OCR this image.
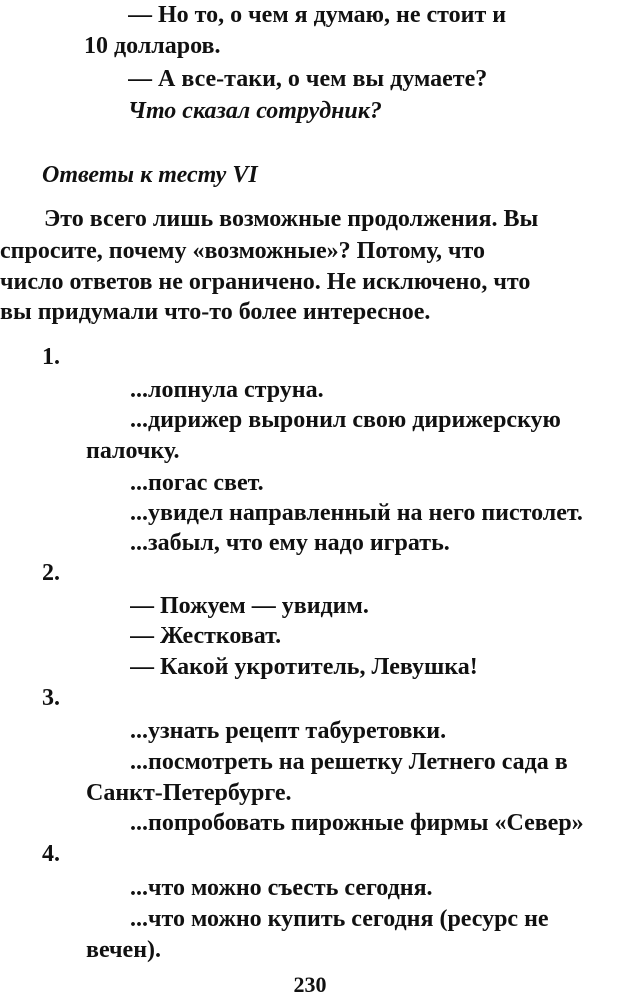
— Но то, о чем я думаю, не стоит и
10 долларов.
— А все-таки, о чем вы думаете?
Что сказал сотрудник?
Ответы к тесту VI
Это всего лишь возможные продолжения. Вы
спросите, почему «возможные»? Потому, что
число ответов не ограничено. Не исключено, что
вы придумали что-то более интересное.
1.
...лопнула струна.
...дирижер выронил свою дирижерскую
палочку.
...погас свет.
...увидел направленный на него пистолет.
...забыл, что ему надо играть.
2.
— Пожуем — увидим.
— Жестковат.
— Какой укротитель, Левушка!
3.
...узнать рецепт табуретовки.
...посмотреть на решетку Летнего сада в
Санкт-Петербурге.
...попробовать пирожные фирмы «Север»
4.
...что можно съесть сегодня.
...что можно купить сегодня (ресурс не
вечен).
230
